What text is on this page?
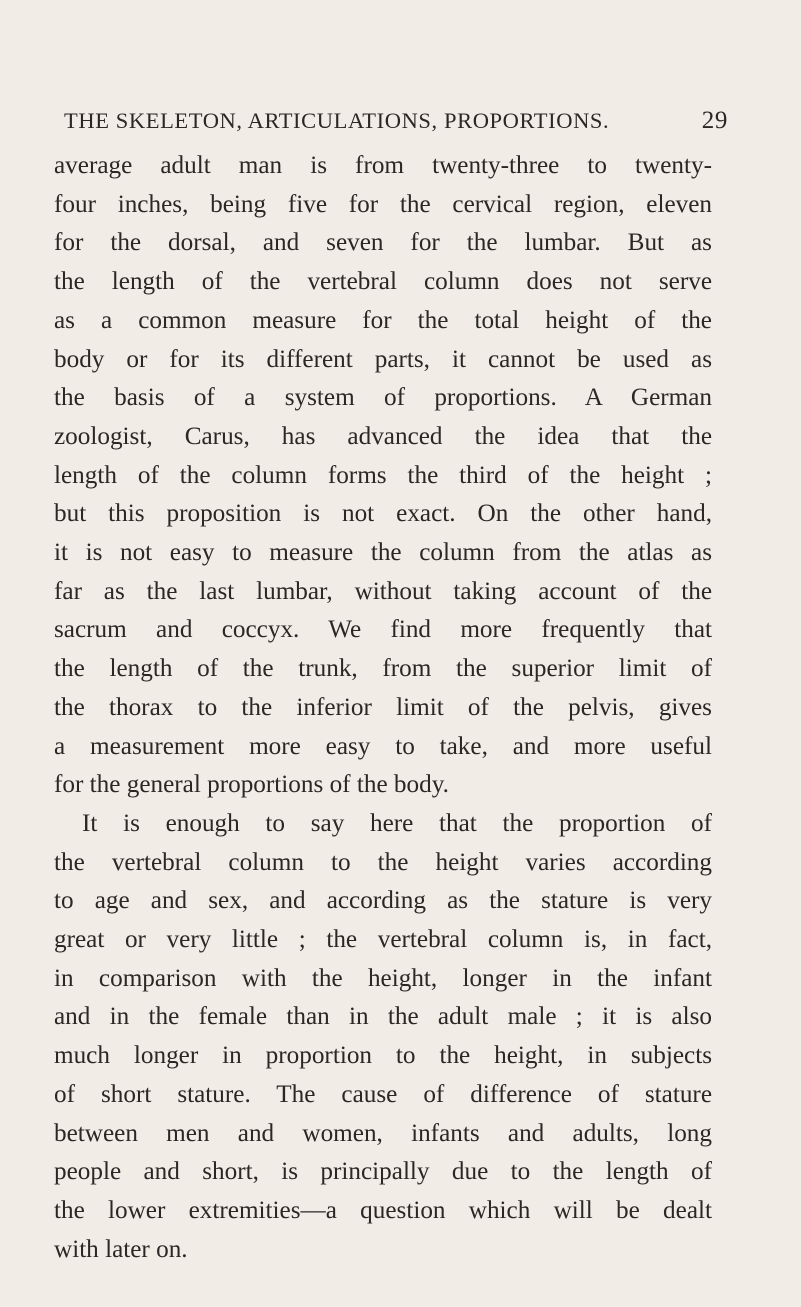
THE SKELETON, ARTICULATIONS, PROPORTIONS.	29
average adult man is from twenty-three to twenty-
four inches, being five for the cervical region, eleven
for the dorsal, and seven for the lumbar. But as
the length of the vertebral column does not serve
as a common measure for the total height of the
body or for its different parts, it cannot be used as
the basis of a system of proportions. A German
zoologist, Carus, has advanced the idea that the
length of the column forms the third of the height ;
but this proposition is not exact. On the other hand,
it is not easy to measure the column from the atlas as
far as the last lumbar, without taking account of the
sacrum and coccyx. We find more frequently that
the length of the trunk, from the superior limit of
the thorax to the inferior limit of the pelvis, gives
a measurement more easy to take, and more useful
for the general proportions of the body.
It is enough to say here that the proportion of
the vertebral column to the height varies according
to age and sex, and according as the stature is very
great or very little ; the vertebral column is, in fact,
in comparison with the height, longer in the infant
and in the female than in the adult male ; it is also
much longer in proportion to the height, in subjects
of short stature. The cause of difference of stature
between men and women, infants and adults, long
people and short, is principally due to the length of
the lower extremities—a question which will be dealt
with later on.
